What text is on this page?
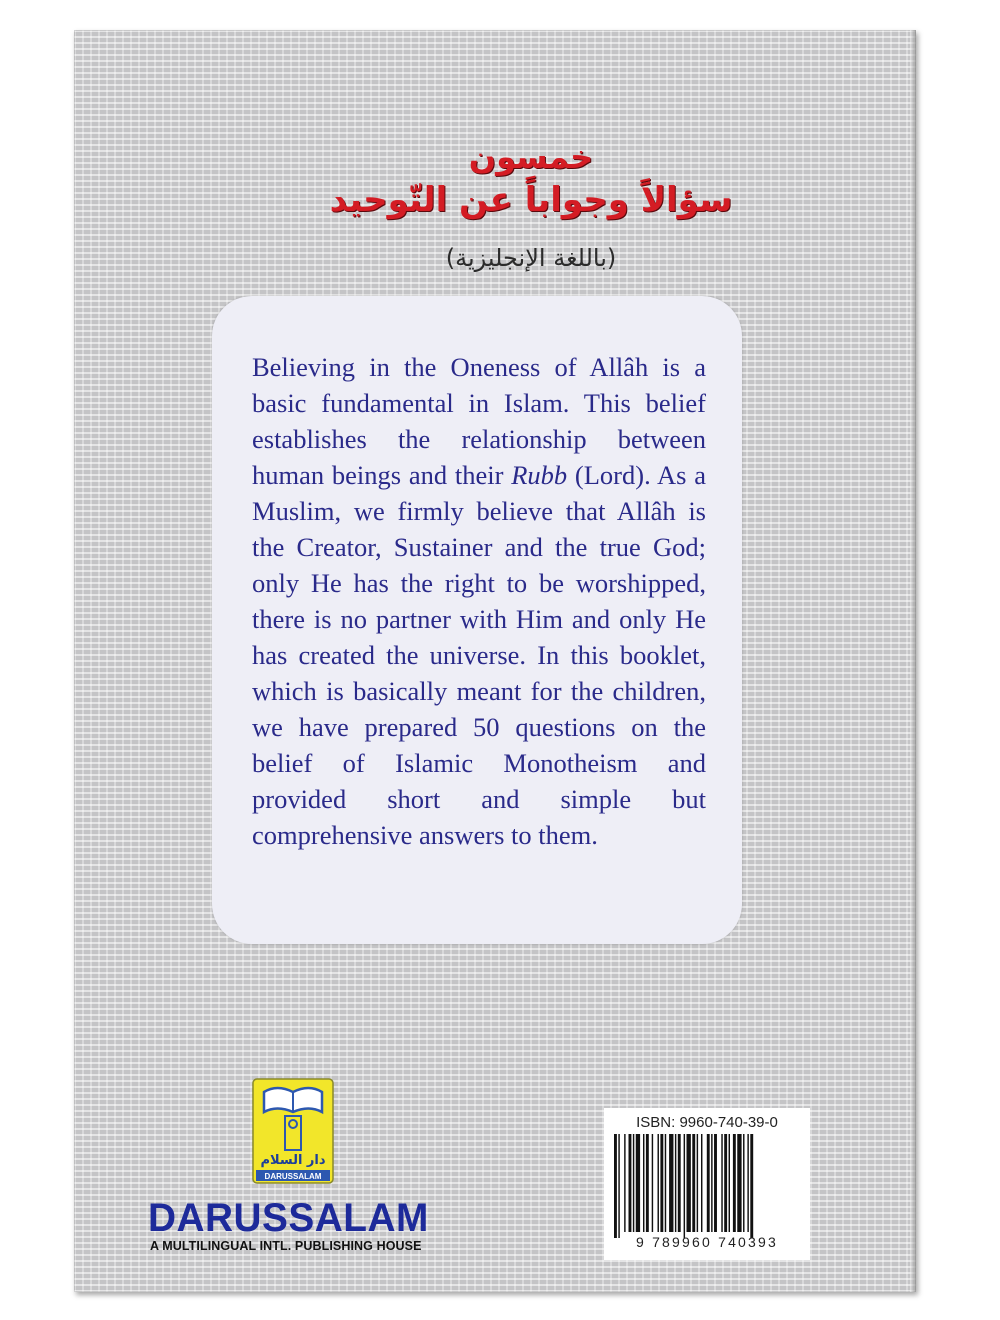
خمسون
سؤالاً وجواباً عن التّوحيد
(باللغة الإنجليزية)

Believing in the Oneness of Allâh is a basic fundamental in Islam. This belief establishes the relationship between human beings and their Rubb (Lord). As a Muslim, we firmly believe that Allâh is the Creator, Sustainer and the true God; only He has the right to be worshipped, there is no partner with Him and only He has created the universe. In this booklet, which is basically meant for the children, we have prepared 50 questions on the belief of Islamic Monotheism and provided short and simple but comprehensive answers to them.

دار السلام
DARUSSALAM
DARUSSALAM
A MULTILINGUAL INTL. PUBLISHING HOUSE
ISBN: 9960-740-39-0
9 789960 740393
